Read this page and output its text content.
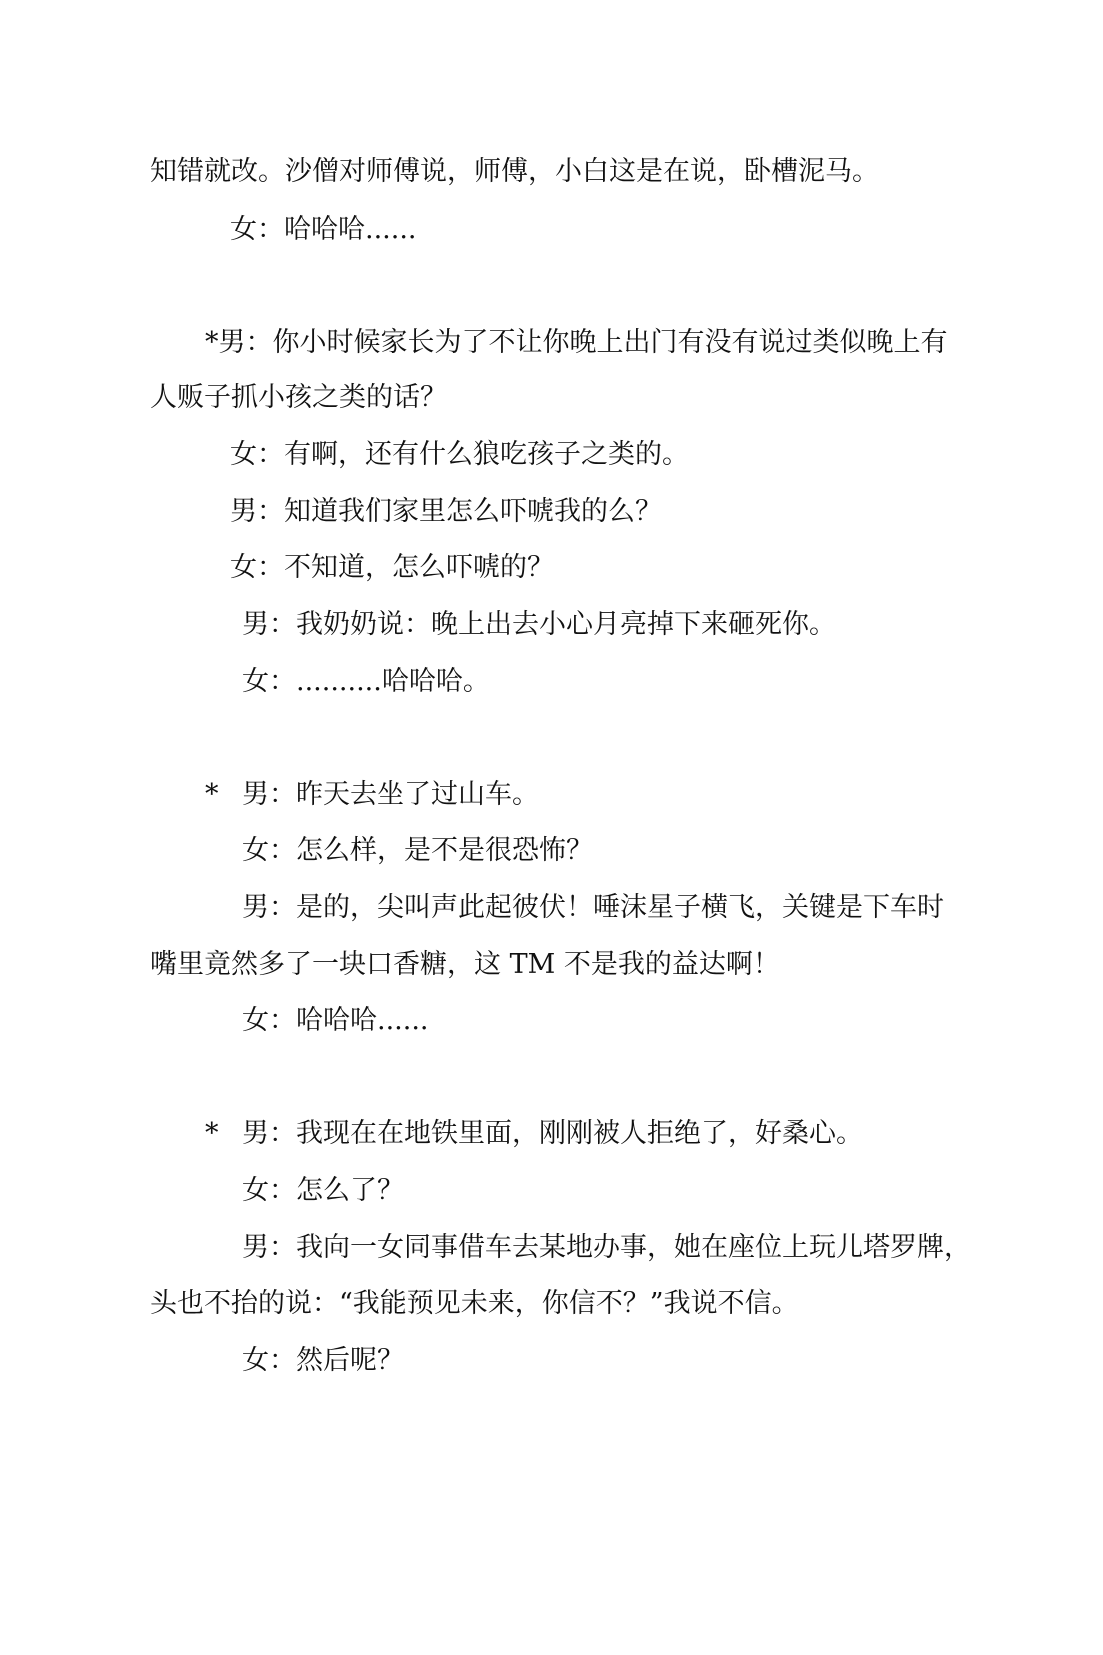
知错就改。沙僧对师傅说，师傅，小白这是在说，卧槽泥马。
女：哈哈哈......
*男：你小时候家长为了不让你晚上出门有没有说过类似晚上有
人贩子抓小孩之类的话？
女：有啊，还有什么狼吃孩子之类的。
男：知道我们家里怎么吓唬我的么？
女：不知道，怎么吓唬的？
男：我奶奶说：晚上出去小心月亮掉下来砸死你。
女：..........哈哈哈。
* 男：昨天去坐了过山车。
女：怎么样，是不是很恐怖？
男：是的，尖叫声此起彼伏！唾沫星子横飞，关键是下车时
嘴里竟然多了一块口香糖，这 TM 不是我的益达啊！
女：哈哈哈......
* 男：我现在在地铁里面，刚刚被人拒绝了，好桑心。
女：怎么了？
男：我向一女同事借车去某地办事，她在座位上玩儿塔罗牌，
头也不抬的说：“我能预见未来，你信不？”我说不信。
女：然后呢？
